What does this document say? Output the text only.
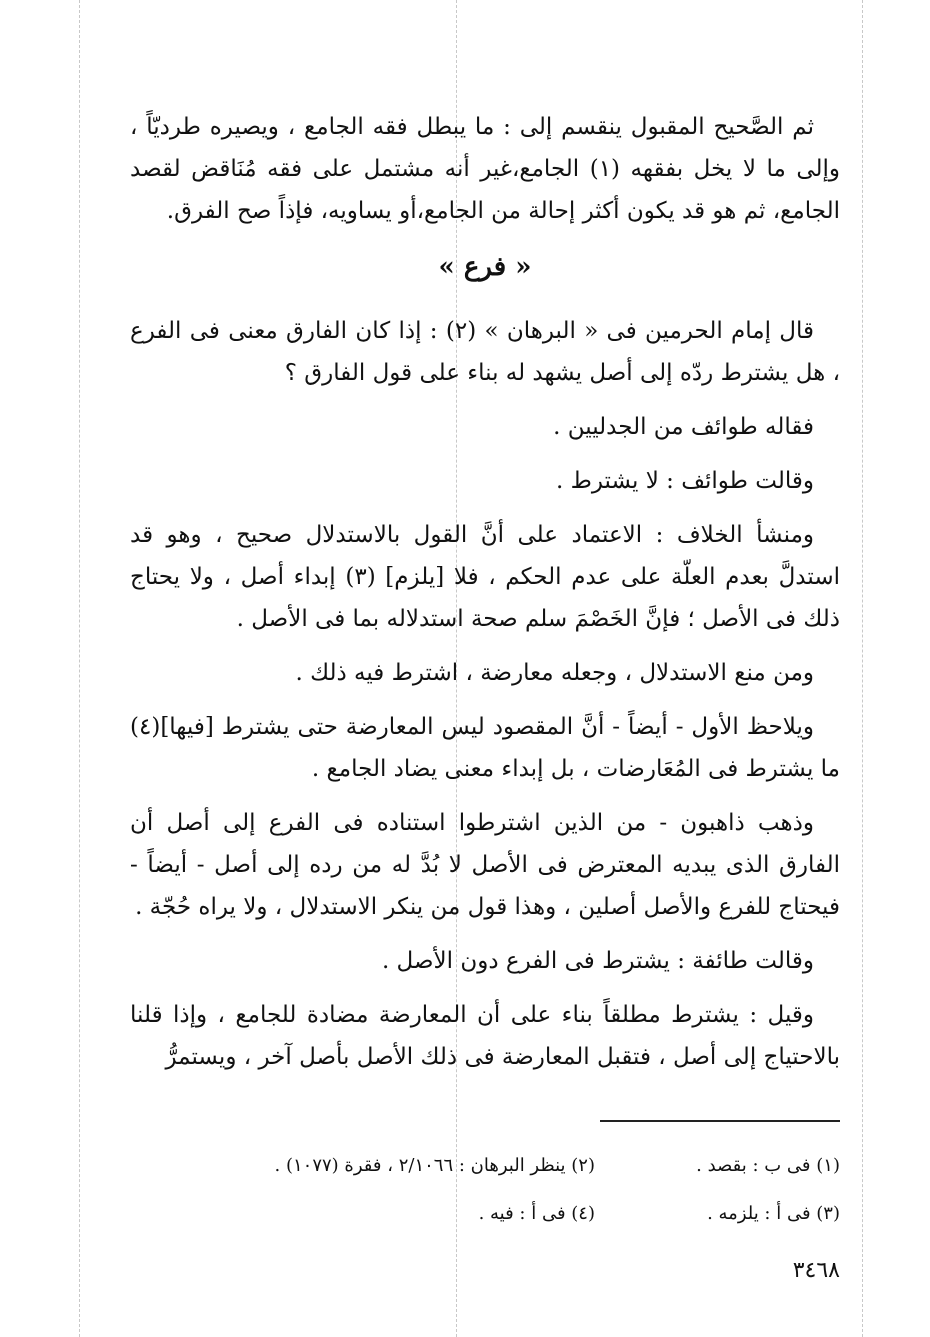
ثم الصَّحيح المقبول ينقسم إلى : ما يبطل فقه الجامع ، ويصيره طرديّاً ، وإلى ما لا يخل بفقهه (١) الجامع،غير أنه مشتمل على فقه مُنَاقض لقصد الجامع، ثم هو قد يكون أكثر إحالة من الجامع،أو يساويه، فإذاً صح الفرق.

« فرع »

قال إمام الحرمين فى « البرهان » (٢) : إذا كان الفارق معنى فى الفرع ، هل يشترط ردّه إلى أصل يشهد له بناء على قول الفارق ؟

فقاله طوائف من الجدليين .

وقالت طوائف : لا يشترط .

ومنشأ الخلاف : الاعتماد على أنَّ القول بالاستدلال صحيح ، وهو قد استدلَّ بعدم العلّة على عدم الحكم ، فلا [يلزم] (٣) إبداء أصل ، ولا يحتاج ذلك فى الأصل ؛ فإنَّ الخَصْمَ سلم صحة استدلاله بما فى الأصل .

ومن منع الاستدلال ، وجعله معارضة ، اشترط فيه ذلك .

ويلاحظ الأول - أيضاً - أنَّ المقصود ليس المعارضة حتى يشترط [فيها](٤) ما يشترط فى المُعَارضات ، بل إبداء معنى يضاد الجامع .

وذهب ذاهبون - من الذين اشترطوا استناده فى الفرع إلى أصل أن الفارق الذى يبديه المعترض فى الأصل لا بُدَّ له من رده إلى أصل - أيضاً - فيحتاج للفرع والأصل أصلين ، وهذا قول من ينكر الاستدلال ، ولا يراه حُجّة .

وقالت طائفة : يشترط فى الفرع دون الأصل .

وقيل : يشترط مطلقاً بناء على أن المعارضة مضادة للجامع ، وإذا قلنا بالاحتياج إلى أصل ، فتقبل المعارضة فى ذلك الأصل بأصل آخر ، ويستمرُّ

(١) فى ب : بقصد .
(٢) ينظر البرهان : ٢/١٠٦٦ ، فقرة (١٠٧٧) .
(٣) فى أ : يلزمه .
(٤) فى أ : فيه .
٣٤٦٨
